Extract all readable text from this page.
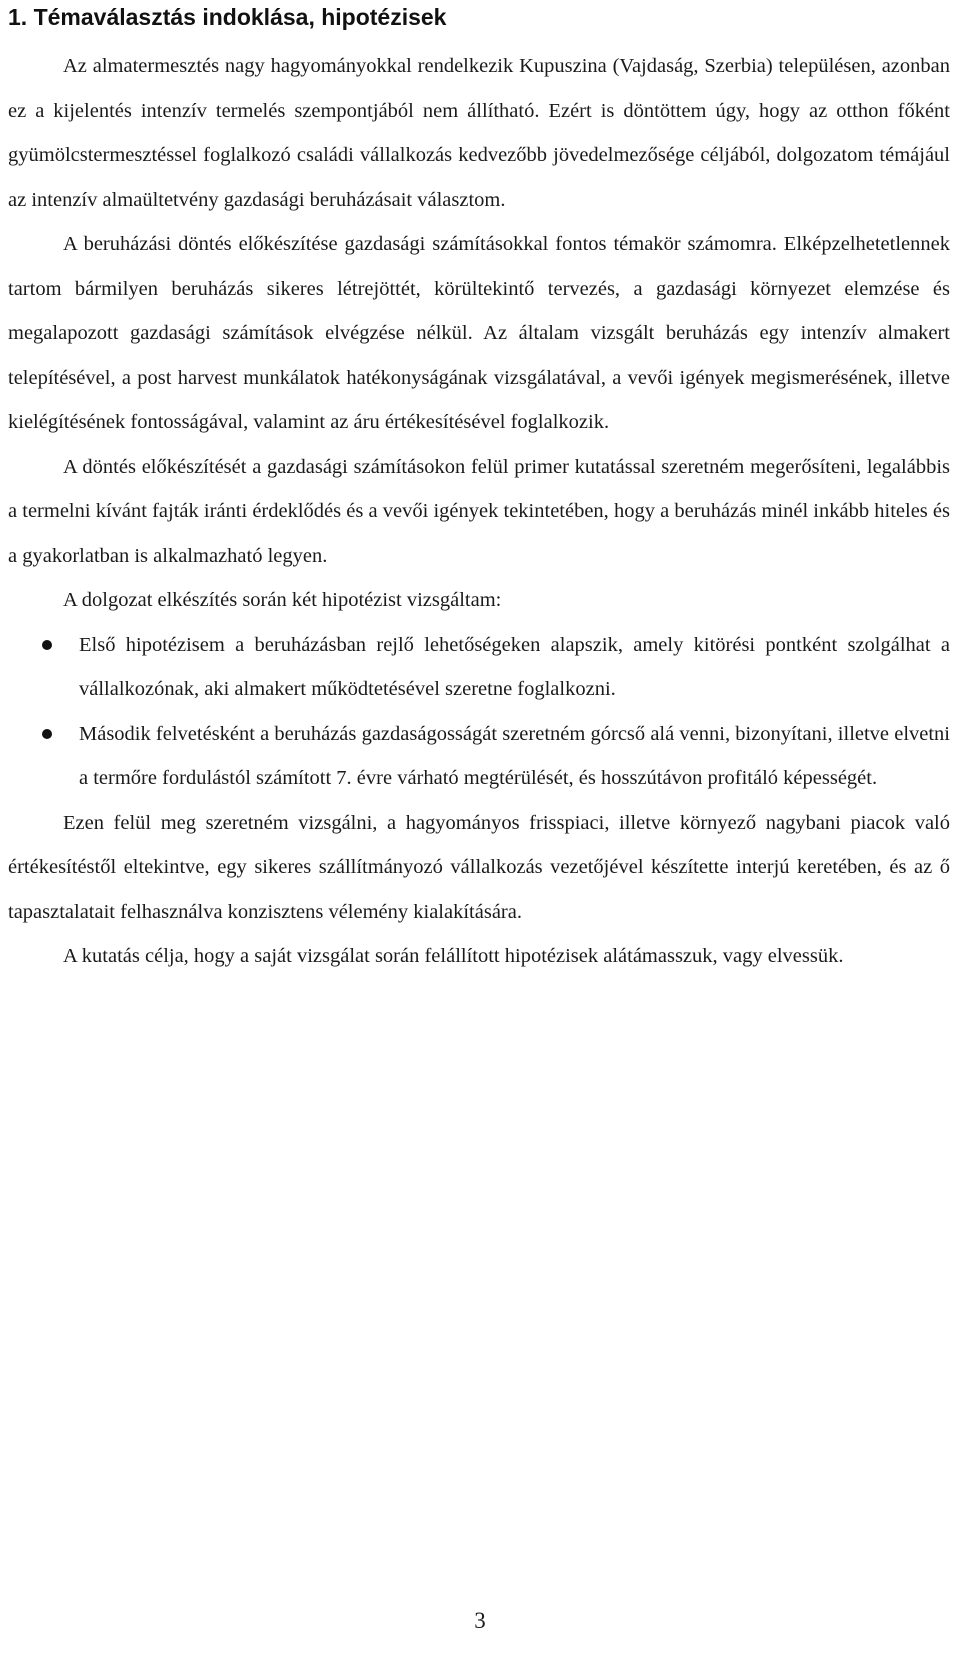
1. Témaválasztás indoklása, hipotézisek

Az almatermesztés nagy hagyományokkal rendelkezik Kupuszina (Vajdaság, Szerbia) településen, azonban ez a kijelentés intenzív termelés szempontjából nem állítható. Ezért is döntöttem úgy, hogy az otthon főként gyümölcstermesztéssel foglalkozó családi vállalkozás kedvezőbb jövedelmezősége céljából, dolgozatom témájául az intenzív almaültetvény gazdasági beruházásait választom.

A beruházási döntés előkészítése gazdasági számításokkal fontos témakör számomra. Elképzelhetetlennek tartom bármilyen beruházás sikeres létrejöttét, körültekintő tervezés, a gazdasági környezet elemzése és megalapozott gazdasági számítások elvégzése nélkül. Az általam vizsgált beruházás egy intenzív almakert telepítésével, a post harvest munkálatok hatékonyságának vizsgálatával, a vevői igények megismerésének, illetve kielégítésének fontosságával, valamint az áru értékesítésével foglalkozik.

A döntés előkészítését a gazdasági számításokon felül primer kutatással szeretném megerősíteni, legalábbis a termelni kívánt fajták iránti érdeklődés és a vevői igények tekintetében, hogy a beruházás minél inkább hiteles és a gyakorlatban is alkalmazható legyen.

A dolgozat elkészítés során két hipotézist vizsgáltam:

Első hipotézisem a beruházásban rejlő lehetőségeken alapszik, amely kitörési pontként szolgálhat a vállalkozónak, aki almakert működtetésével szeretne foglalkozni.
Második felvetésként a beruházás gazdaságosságát szeretném górcső alá venni, bizonyítani, illetve elvetni a termőre fordulástól számított 7. évre várható megtérülését, és hosszútávon profitáló képességét.

Ezen felül meg szeretném vizsgálni, a hagyományos frisspiaci, illetve környező nagybani piacok való értékesítéstől eltekintve, egy sikeres szállítmányozó vállalkozás vezetőjével készítette interjú keretében, és az ő tapasztalatait felhasználva konzisztens vélemény kialakítására.

A kutatás célja, hogy a saját vizsgálat során felállított hipotézisek alátámasszuk, vagy elvessük.

3
